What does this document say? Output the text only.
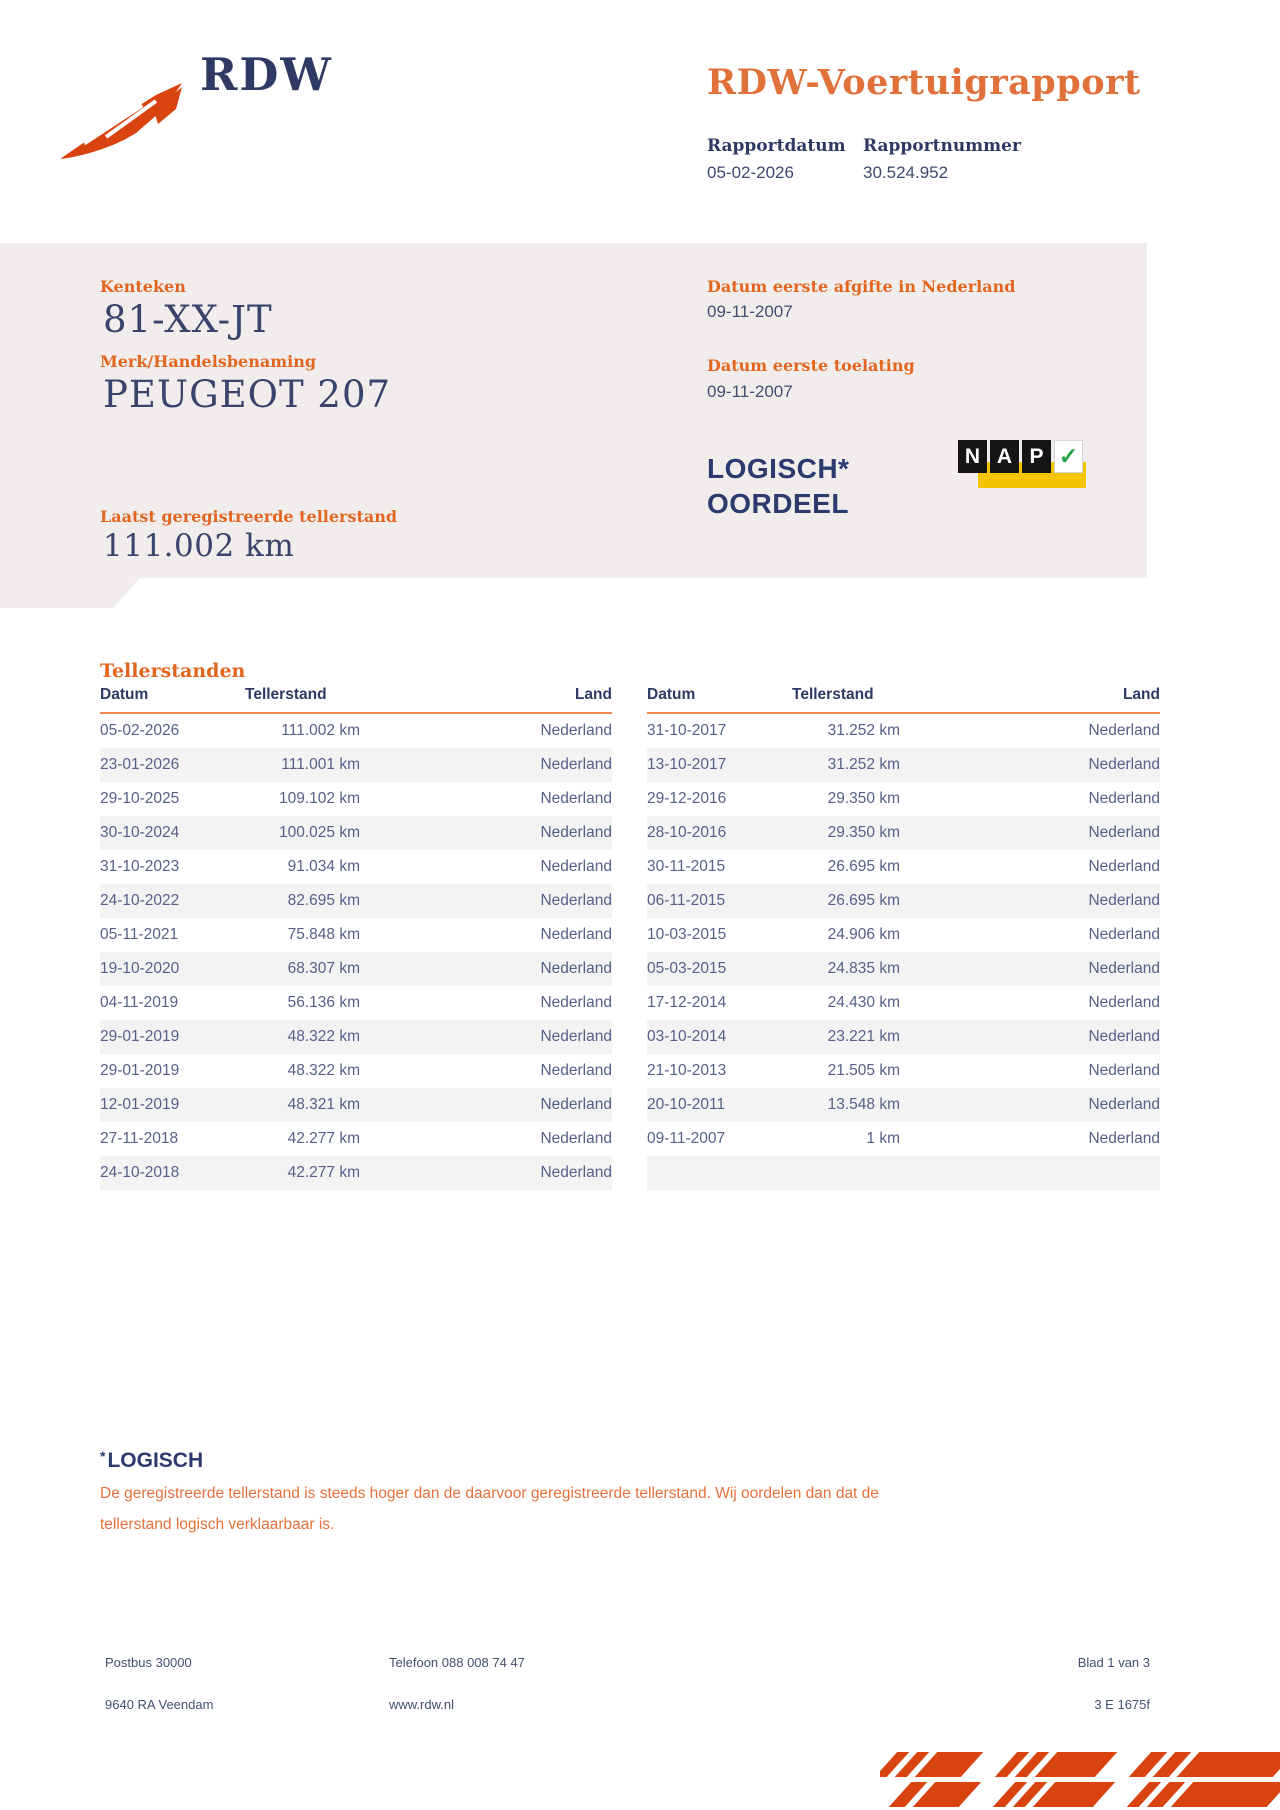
RDW	RDW-Voertuigrapport
Rapportdatum
05-02-2026
Rapportnummer
30.524.952
Kenteken
81-XX-JT
Merk/Handelsbenaming
PEUGEOT 207
Datum eerste afgifte in Nederland
09-11-2007
Datum eerste toelating
09-11-2007
LOGISCH*
OORDEEL
N A P ✓
Laatst geregistreerde tellerstand
111.002 km
Tellerstanden
Datum	Tellerstand	Land
05-02-2026	111.002 km	Nederland
23-01-2026	111.001 km	Nederland
29-10-2025	109.102 km	Nederland
30-10-2024	100.025 km	Nederland
31-10-2023	91.034 km	Nederland
24-10-2022	82.695 km	Nederland
05-11-2021	75.848 km	Nederland
19-10-2020	68.307 km	Nederland
04-11-2019	56.136 km	Nederland
29-01-2019	48.322 km	Nederland
29-01-2019	48.322 km	Nederland
12-01-2019	48.321 km	Nederland
27-11-2018	42.277 km	Nederland
24-10-2018	42.277 km	Nederland
Datum	Tellerstand	Land
31-10-2017	31.252 km	Nederland
13-10-2017	31.252 km	Nederland
29-12-2016	29.350 km	Nederland
28-10-2016	29.350 km	Nederland
30-11-2015	26.695 km	Nederland
06-11-2015	26.695 km	Nederland
10-03-2015	24.906 km	Nederland
05-03-2015	24.835 km	Nederland
17-12-2014	24.430 km	Nederland
03-10-2014	23.221 km	Nederland
21-10-2013	21.505 km	Nederland
20-10-2011	13.548 km	Nederland
09-11-2007	1 km	Nederland
*LOGISCH
De geregistreerde tellerstand is steeds hoger dan de daarvoor geregistreerde tellerstand. Wij oordelen dan dat de
tellerstand logisch verklaarbaar is.
Postbus 30000
9640 RA Veendam
Telefoon 088 008 74 47
www.rdw.nl
Blad 1 van 3
3 E 1675f
